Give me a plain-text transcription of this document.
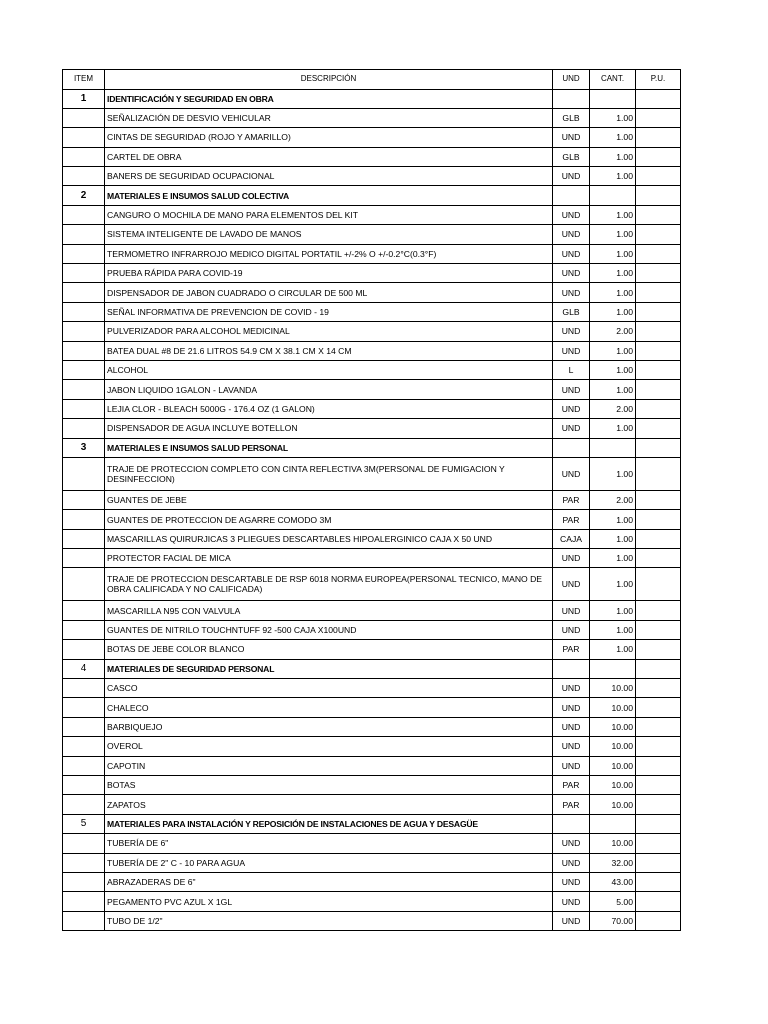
ITEM	DESCRIPCIÓN	UND	CANT.	P.U.
1	IDENTIFICACIÓN Y SEGURIDAD EN OBRA			
	SEÑALIZACIÓN DE DESVIO VEHICULAR	GLB	1.00	
	CINTAS DE SEGURIDAD (ROJO Y AMARILLO)	UND	1.00	
	CARTEL DE OBRA	GLB	1.00	
	BANERS DE SEGURIDAD OCUPACIONAL	UND	1.00	
2	MATERIALES E INSUMOS SALUD COLECTIVA			
	CANGURO O MOCHILA DE MANO PARA ELEMENTOS DEL KIT	UND	1.00	
	SISTEMA INTELIGENTE DE LAVADO DE MANOS	UND	1.00	
	TERMOMETRO INFRARROJO MEDICO DIGITAL PORTATIL +/-2% O +/-0.2°C(0.3°F)	UND	1.00	
	PRUEBA RÁPIDA PARA COVID-19	UND	1.00	
	DISPENSADOR DE JABON CUADRADO O CIRCULAR DE 500 ML	UND	1.00	
	SEÑAL INFORMATIVA DE PREVENCION DE COVID - 19	GLB	1.00	
	PULVERIZADOR PARA ALCOHOL MEDICINAL	UND	2.00	
	BATEA DUAL #8 DE 21.6 LITROS 54.9 CM X 38.1 CM X 14 CM	UND	1.00	
	ALCOHOL	L	1.00	
	JABON LIQUIDO 1GALON - LAVANDA	UND	1.00	
	LEJIA CLOR - BLEACH 5000G - 176.4 OZ (1 GALON)	UND	2.00	
	DISPENSADOR DE AGUA INCLUYE BOTELLON	UND	1.00	
3	MATERIALES E INSUMOS SALUD PERSONAL			
	TRAJE DE PROTECCION COMPLETO CON CINTA REFLECTIVA 3M(PERSONAL DE FUMIGACION Y DESINFECCION)	UND	1.00	
	GUANTES DE JEBE	PAR	2.00	
	GUANTES DE PROTECCION DE AGARRE COMODO 3M	PAR	1.00	
	MASCARILLAS QUIRURJICAS 3 PLIEGUES DESCARTABLES HIPOALERGINICO CAJA X 50 UND	CAJA	1.00	
	PROTECTOR FACIAL DE MICA	UND	1.00	
	TRAJE DE PROTECCION DESCARTABLE DE RSP 6018 NORMA EUROPEA(PERSONAL TECNICO, MANO DE OBRA CALIFICADA Y NO CALIFICADA)	UND	1.00	
	MASCARILLA N95 CON VALVULA	UND	1.00	
	GUANTES DE NITRILO TOUCHNTUFF 92 -500 CAJA X100UND	UND	1.00	
	BOTAS DE JEBE COLOR BLANCO	PAR	1.00	
4	MATERIALES DE SEGURIDAD PERSONAL			
	CASCO	UND	10.00	
	CHALECO	UND	10.00	
	BARBIQUEJO	UND	10.00	
	OVEROL	UND	10.00	
	CAPOTIN	UND	10.00	
	BOTAS	PAR	10.00	
	ZAPATOS	PAR	10.00	
5	MATERIALES PARA INSTALACIÓN Y REPOSICIÓN DE INSTALACIONES DE AGUA Y DESAGÜE			
	TUBERÍA DE 6"	UND	10.00	
	TUBERÍA DE 2" C - 10 PARA AGUA	UND	32.00	
	ABRAZADERAS DE 6"	UND	43.00	
	PEGAMENTO PVC AZUL X 1GL	UND	5.00	
	TUBO DE 1/2"	UND	70.00	
